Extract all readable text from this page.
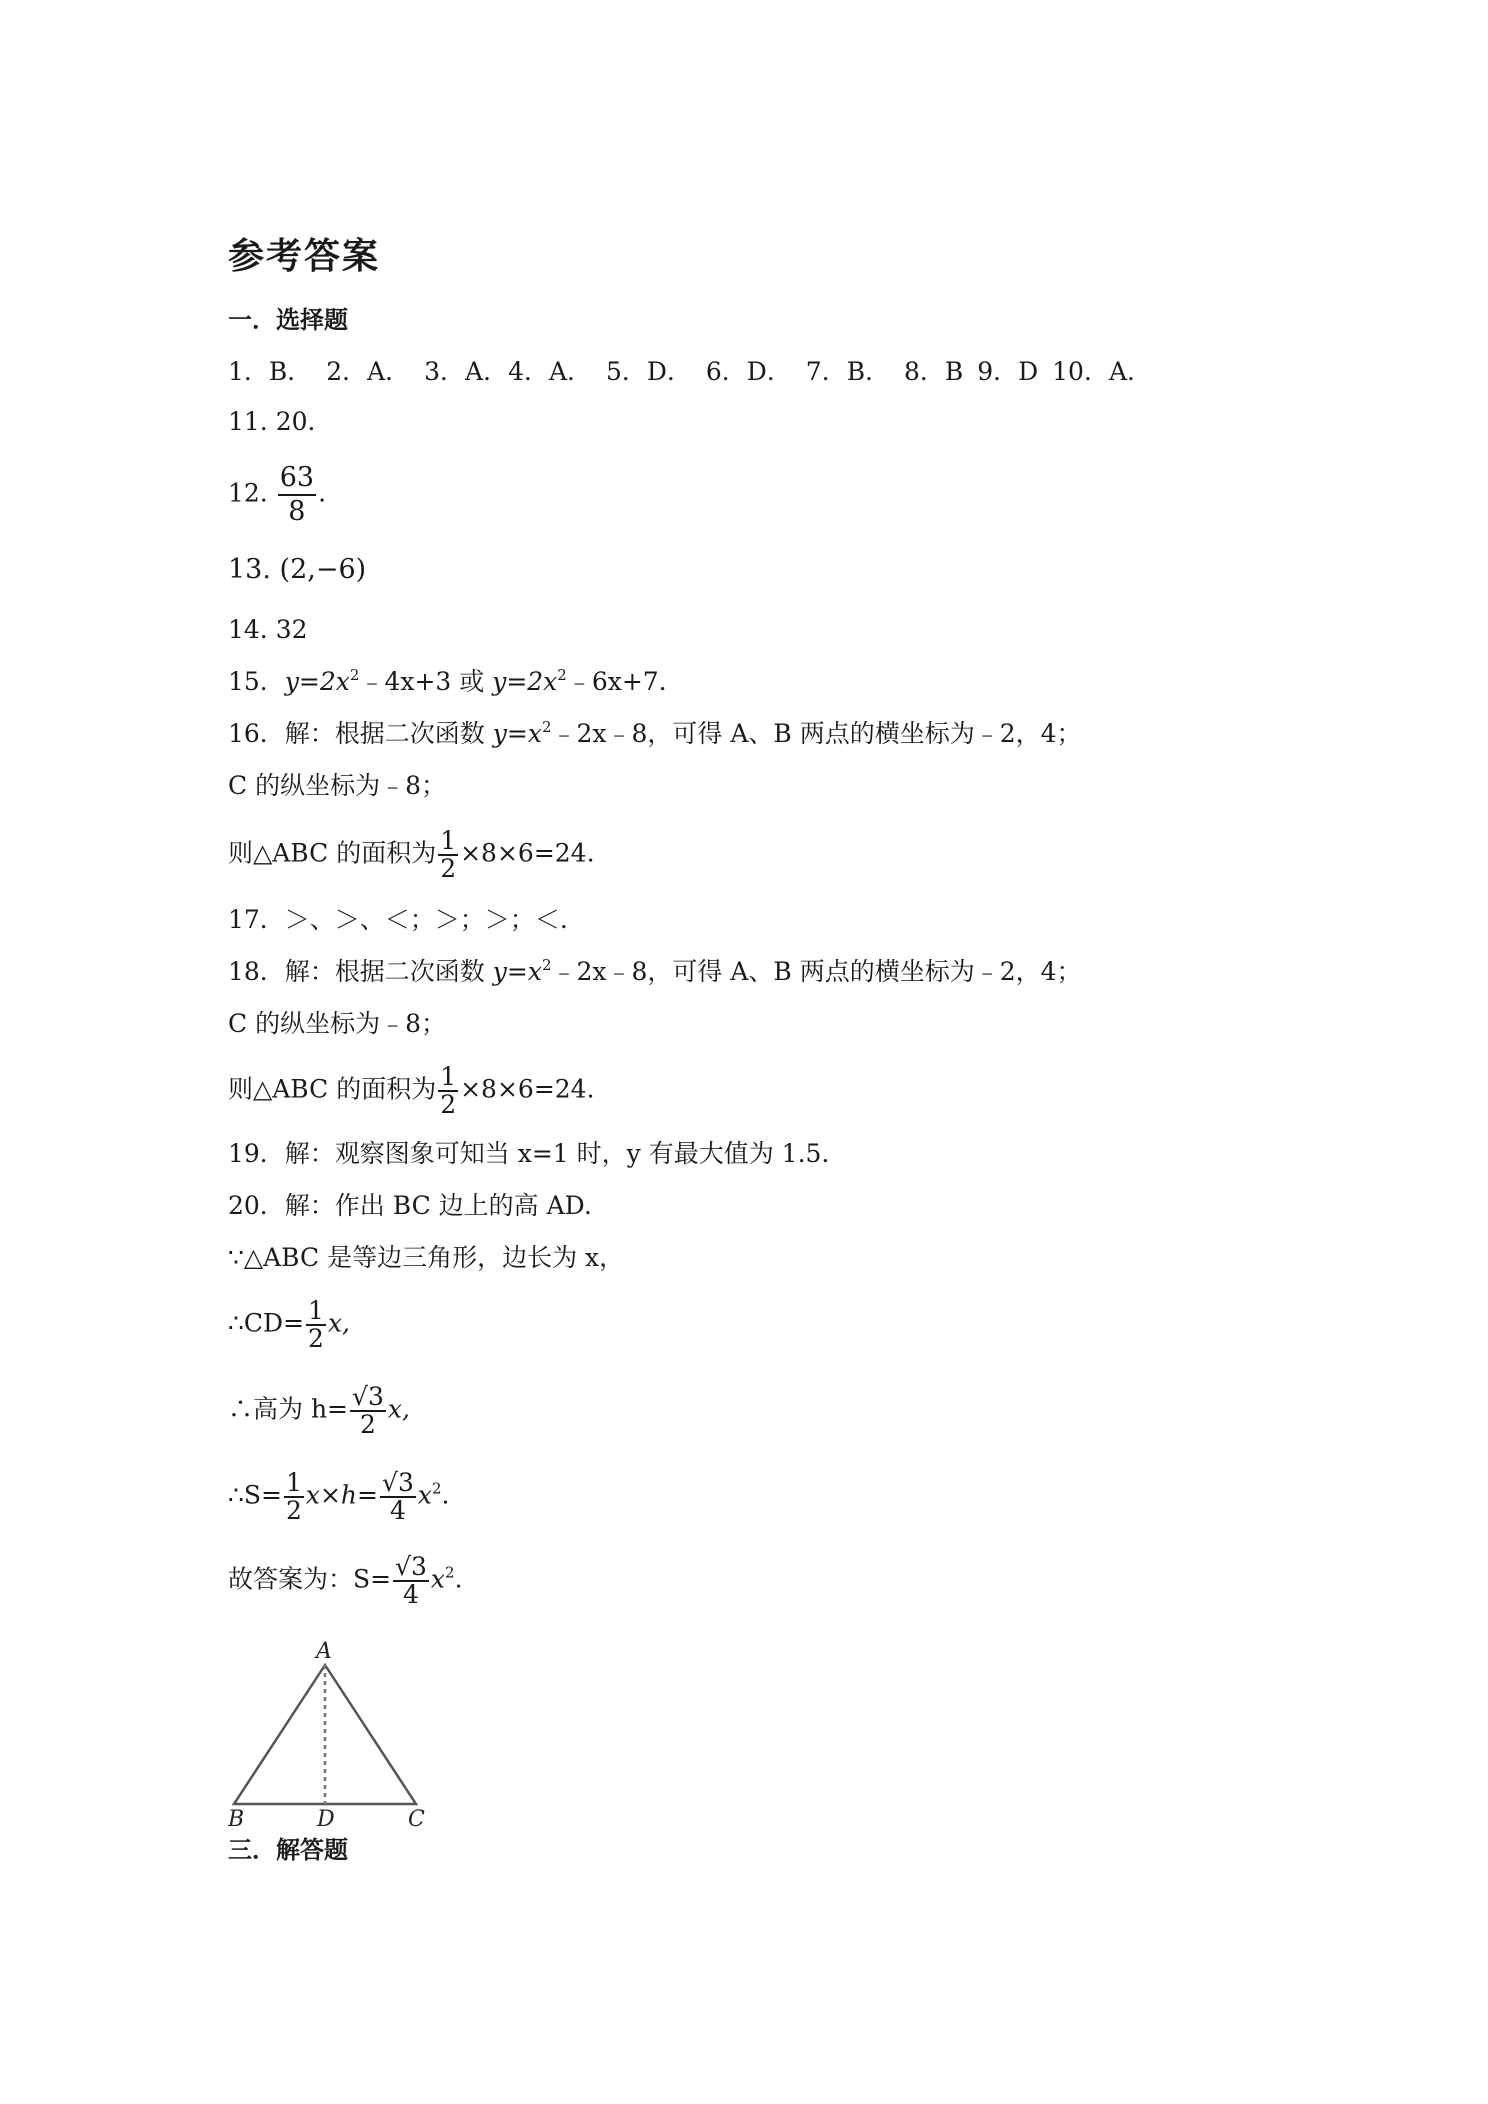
参考答案
一．选择题
1．B． 2．A． 3．A．4．A． 5．D． 6．D． 7．B． 8．B 9．D 10．A．
11. 20．
12. $\frac{63}{8}$ .
13. (2,−6)
14. 32
15．$y=2x^2﹣4x+3$ 或 $y=2x^2﹣6x+7$.
16．解：根据二次函数 $y=x^2﹣2x﹣8$，可得 A、B 两点的横坐标为﹣2，4；
C 的纵坐标为﹣8；
则△ABC 的面积为 $\frac{1}{2} \times 8\times 6=24$.
17．＞、＞、＜；＞；＞；＜.
18．解：根据二次函数 $y=x^2﹣2x﹣8$，可得 A、B 两点的横坐标为﹣2，4；
C 的纵坐标为﹣8；
则△ABC 的面积为 $\frac{1}{2} \times 8\times 6=24$.
19．解：观察图象可知当 x=1 时，y 有最大值为 1.5.
20．解：作出 BC 边上的高 AD.
∵△ABC 是等边三角形，边长为 x，
∴CD= $\frac{1}{2} x$,
∴高为 $h= \frac{√3}{2} x$,
∴S= $\frac{1}{2} x\times h= \frac{√3}{4} x^2$.
故答案为：$S= \frac{√3}{4} x^2$.
A
B	D	C
三．解答题
